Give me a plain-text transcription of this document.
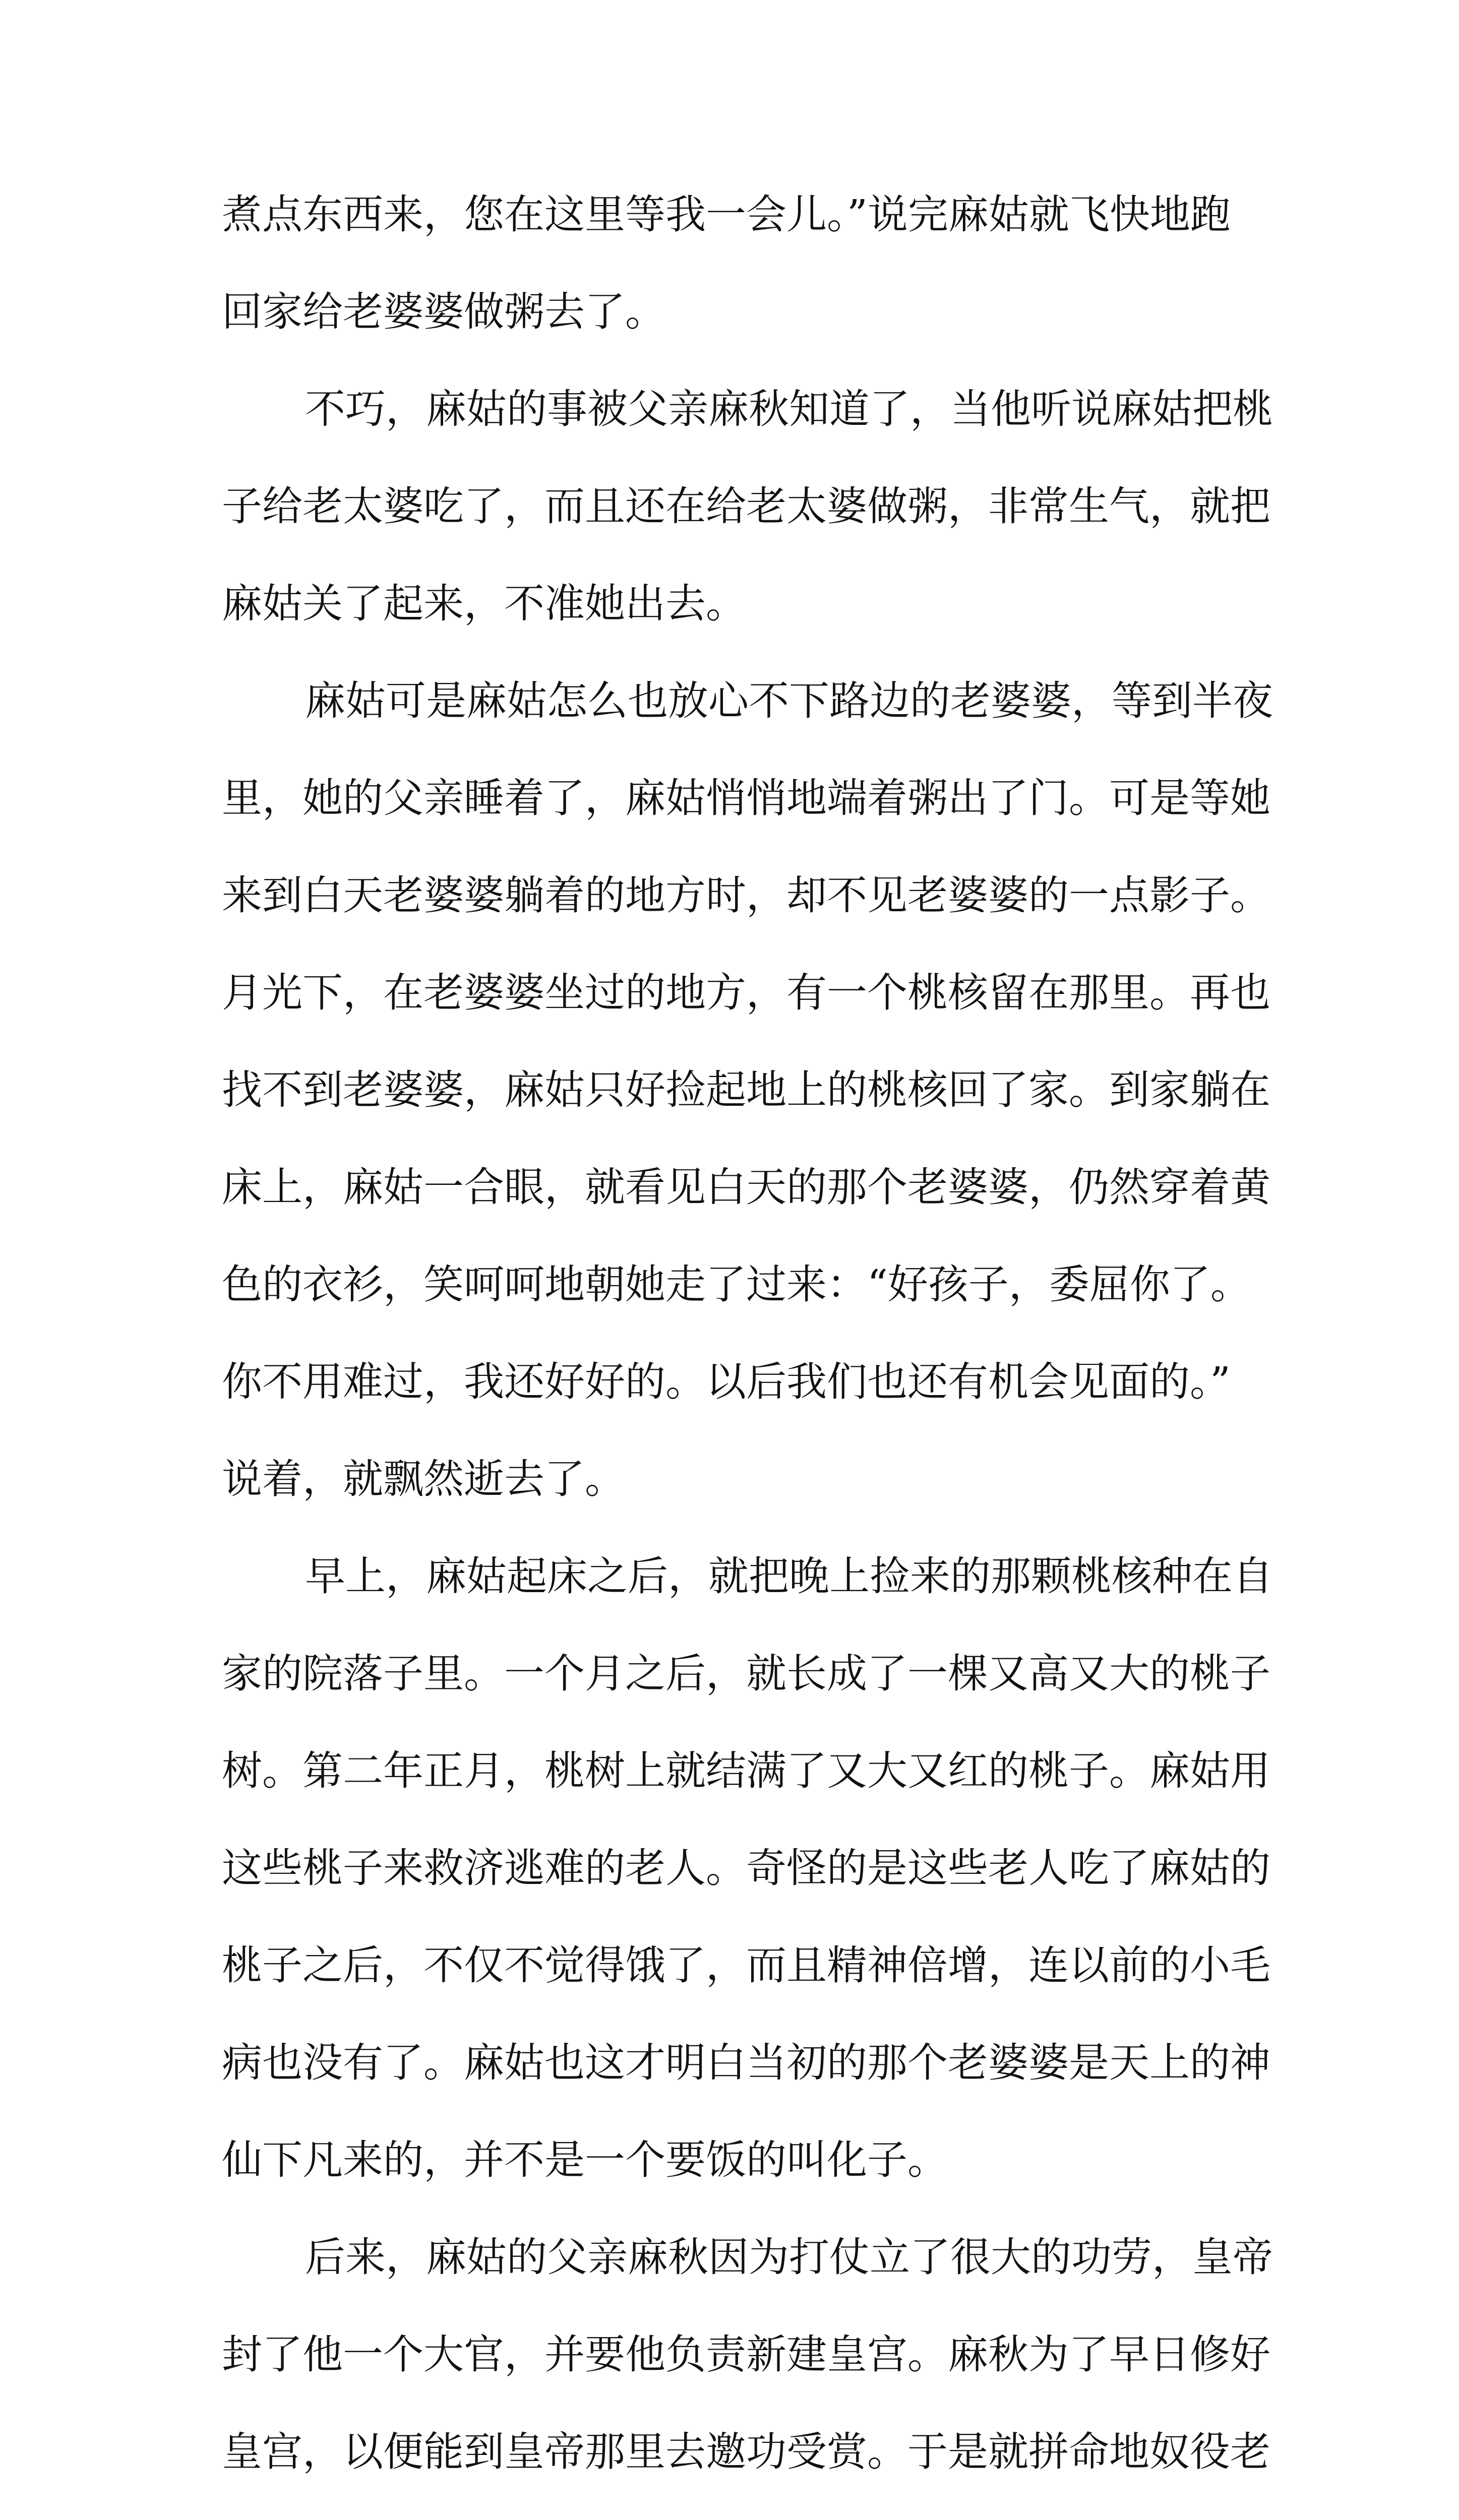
煮点东西来，您在这里等我一会儿。”说完麻姑就飞快地跑
回家给老婆婆做粥去了。
不巧，麻姑的事被父亲麻秋知道了，当他听说麻姑把桃
子给老太婆吃了，而且还在给老太婆做粥，非常生气，就把
麻姑关了起来，不准她出去。
麻姑可是麻姑怎么也放心不下路边的老婆婆，等到半夜
里，她的父亲睡着了，麻姑悄悄地端着粥出了门。可是等她
来到白天老婆婆躺着的地方时，却不见老婆婆的一点影子。
月光下，在老婆婆坐过的地方，有一个桃核留在那里。再也
找不到老婆婆，麻姑只好捡起地上的桃核回了家。到家躺在
床上，麻姑一合眼，就看见白天的那个老婆婆，仍然穿着黄
色的衣衫，笑呵呵地朝她走了过来：“好孩子，委屈你了。
你不用难过，我还好好的。以后我们也还有机会见面的。”
说着，就飘然逝去了。
早上，麻姑起床之后，就把晚上捡来的那颗桃核种在自
家的院落子里。一个月之后，就长成了一棵又高又大的桃子
树。第二年正月，桃树上就结满了又大又红的桃子。麻姑用
这些桃子来救济逃难的老人。奇怪的是这些老人吃了麻姑的
桃子之后，不仅不觉得饿了，而且精神倍增，连以前的小毛
病也没有了。麻姑也这才明白当初的那个老婆婆是天上的神
仙下凡来的，并不是一个要饭的叫化子。
后来，麻姑的父亲麻秋因为打仗立了很大的功劳，皇帝
封了他一个大官，并要他负责新建皇宫。麻秋为了早日修好
皇宫，以便能到皇帝那里去邀功受赏。于是就拼命地奴役老
